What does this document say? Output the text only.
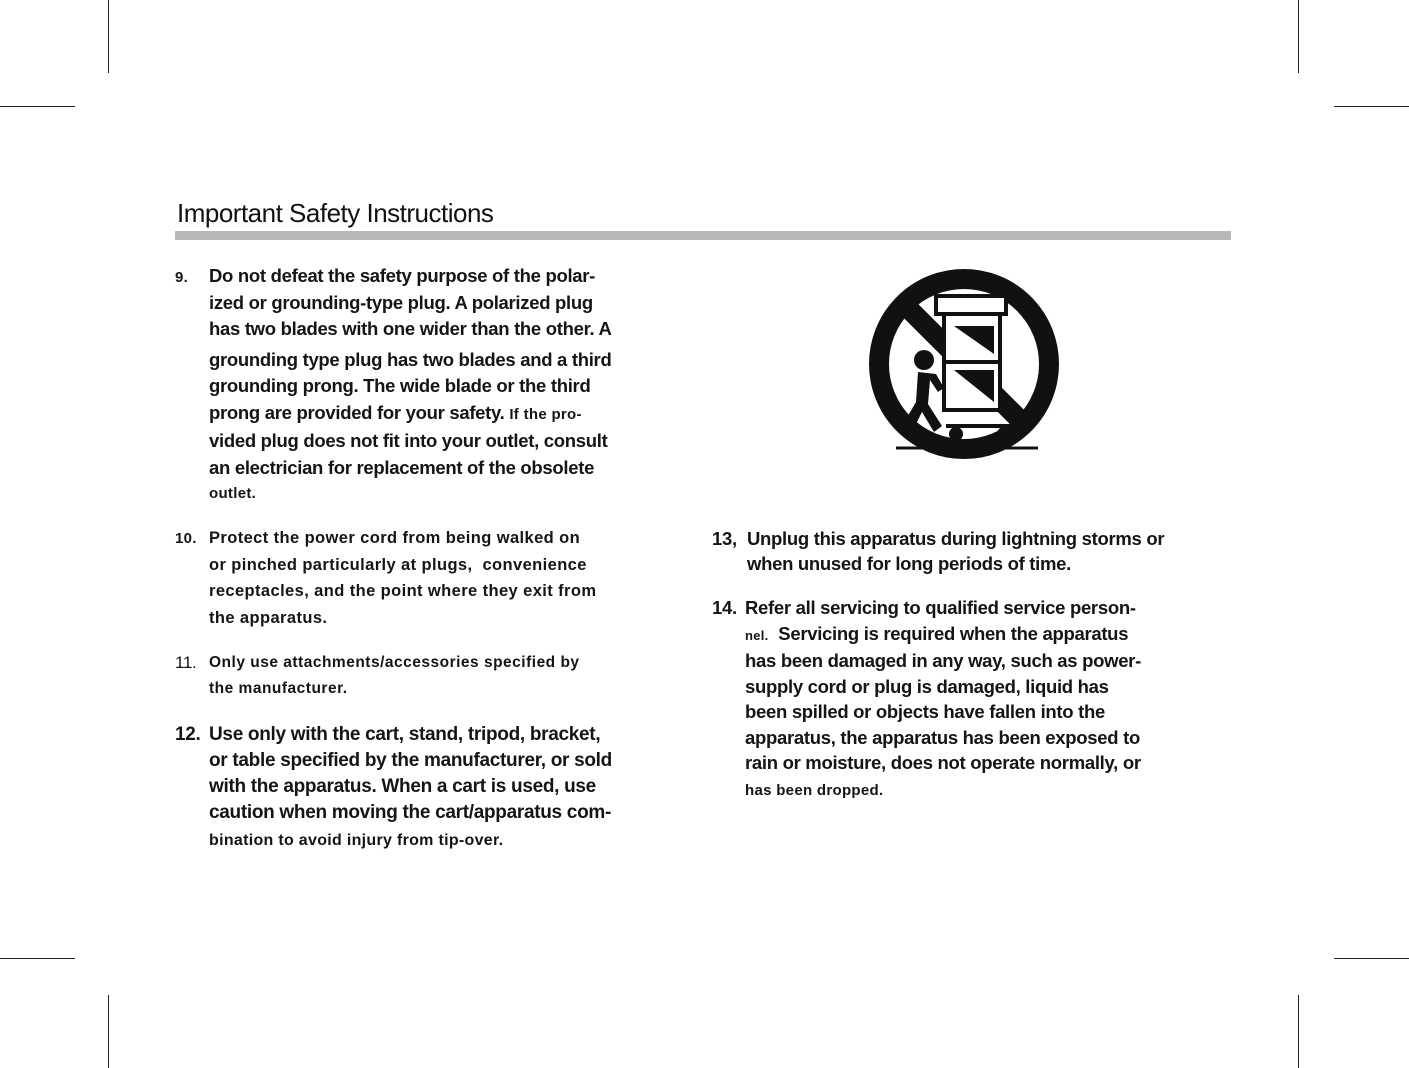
Important Safety Instructions
9. Do not defeat the safety purpose of the polar-
ized or grounding-type plug. A polarized plug
has two blades with one wider than the other. A
grounding type plug has two blades and a third
grounding prong. The wide blade or the third
prong are provided for your safety. If the pro-
vided plug does not fit into your outlet, consult
an electrician for replacement of the obsolete
outlet.
10. Protect the power cord from being walked on
or pinched particularly at plugs, convenience
receptacles, and the point where they exit from
the apparatus.
11. Only use attachments/accessories specified by
the manufacturer.
12. Use only with the cart, stand, tripod, bracket,
or table specified by the manufacturer, or sold
with the apparatus. When a cart is used, use
caution when moving the cart/apparatus com-
bination to avoid injury from tip-over.
13, Unplug this apparatus during lightning storms or
when unused for long periods of time.
14. Refer all servicing to qualified service person-
nel. Servicing is required when the apparatus
has been damaged in any way, such as power-
supply cord or plug is damaged, liquid has
been spilled or objects have fallen into the
apparatus, the apparatus has been exposed to
rain or moisture, does not operate normally, or
has been dropped.
